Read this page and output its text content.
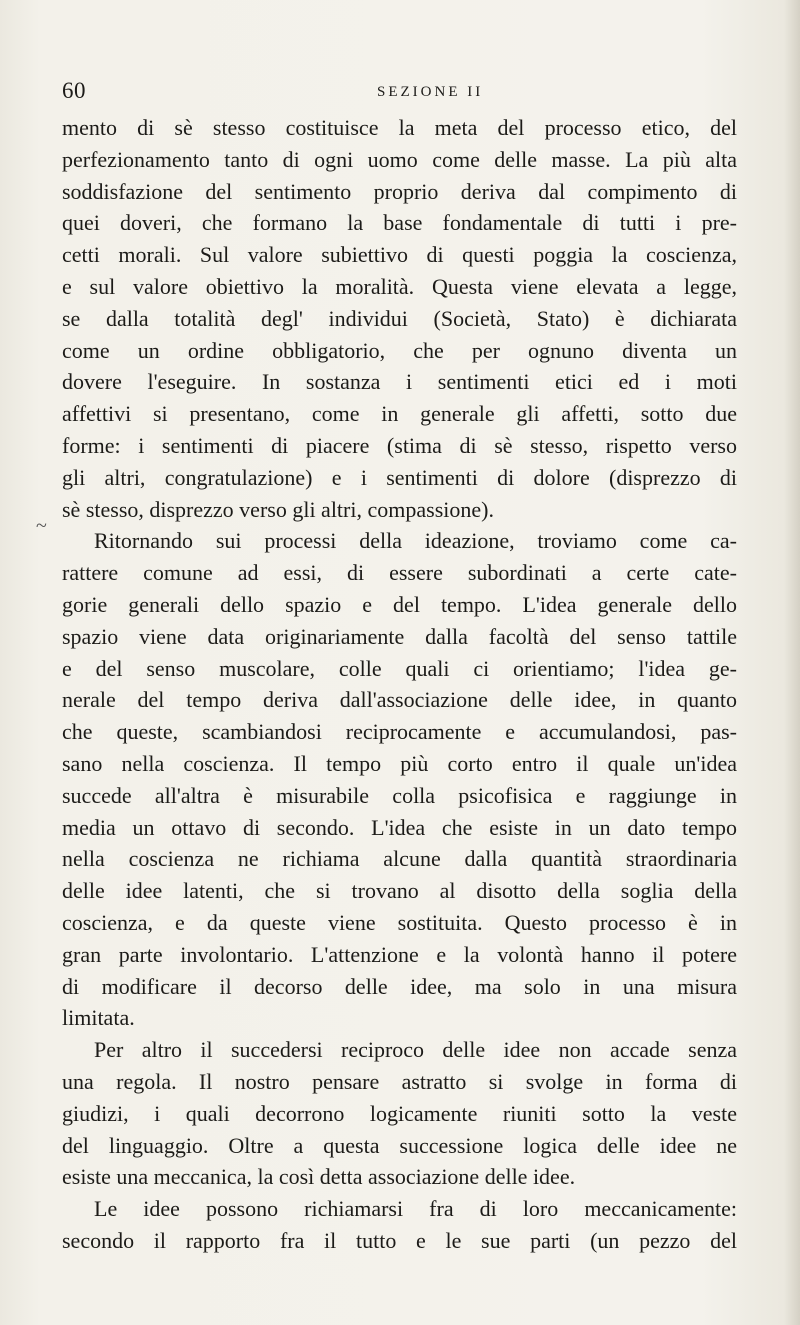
60	SEZIONE II
~
mento di sè stesso costituisce la meta del processo etico, del
perfezionamento tanto di ogni uomo come delle masse. La più alta
soddisfazione del sentimento proprio deriva dal compimento di
quei doveri, che formano la base fondamentale di tutti i pre-
cetti morali. Sul valore subiettivo di questi poggia la coscienza,
e sul valore obiettivo la moralità. Questa viene elevata a legge,
se dalla totalità degl' individui (Società, Stato) è dichiarata
come un ordine obbligatorio, che per ognuno diventa un
dovere l'eseguire. In sostanza i sentimenti etici ed i moti
affettivi si presentano, come in generale gli affetti, sotto due
forme: i sentimenti di piacere (stima di sè stesso, rispetto verso
gli altri, congratulazione) e i sentimenti di dolore (disprezzo di
sè stesso, disprezzo verso gli altri, compassione).
Ritornando sui processi della ideazione, troviamo come ca-
rattere comune ad essi, di essere subordinati a certe cate-
gorie generali dello spazio e del tempo. L'idea generale dello
spazio viene data originariamente dalla facoltà del senso tattile
e del senso muscolare, colle quali ci orientiamo; l'idea ge-
nerale del tempo deriva dall'associazione delle idee, in quanto
che queste, scambiandosi reciprocamente e accumulandosi, pas-
sano nella coscienza. Il tempo più corto entro il quale un'idea
succede all'altra è misurabile colla psicofisica e raggiunge in
media un ottavo di secondo. L'idea che esiste in un dato tempo
nella coscienza ne richiama alcune dalla quantità straordinaria
delle idee latenti, che si trovano al disotto della soglia della
coscienza, e da queste viene sostituita. Questo processo è in
gran parte involontario. L'attenzione e la volontà hanno il potere
di modificare il decorso delle idee, ma solo in una misura
limitata.
Per altro il succedersi reciproco delle idee non accade senza
una regola. Il nostro pensare astratto si svolge in forma di
giudizi, i quali decorrono logicamente riuniti sotto la veste
del linguaggio. Oltre a questa successione logica delle idee ne
esiste una meccanica, la così detta associazione delle idee.
Le idee possono richiamarsi fra di loro meccanicamente:
secondo il rapporto fra il tutto e le sue parti (un pezzo del
